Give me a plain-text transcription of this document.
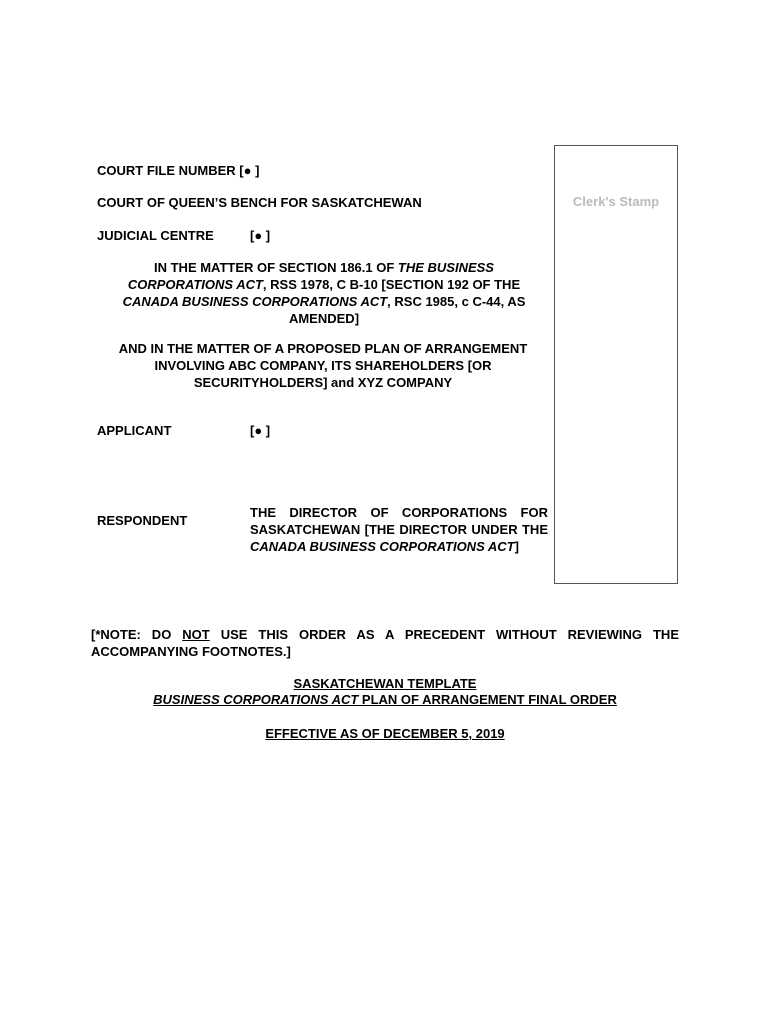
COURT FILE NUMBER [● ]
COURT OF QUEEN’S BENCH FOR SASKATCHEWAN
JUDICIAL CENTRE	[● ]
Clerk's Stamp
IN THE MATTER OF SECTION 186.1 OF THE BUSINESS CORPORATIONS ACT, RSS 1978, C B-10 [SECTION 192 OF THE CANADA BUSINESS CORPORATIONS ACT, RSC 1985, c C-44, AS AMENDED]
AND IN THE MATTER OF A PROPOSED PLAN OF ARRANGEMENT INVOLVING ABC COMPANY, ITS SHAREHOLDERS [OR SECURITYHOLDERS] and XYZ COMPANY
APPLICANT	[● ]
RESPONDENT
THE DIRECTOR OF CORPORATIONS FOR SASKATCHEWAN [THE DIRECTOR UNDER THE CANADA BUSINESS CORPORATIONS ACT]
[*NOTE: DO NOT USE THIS ORDER AS A PRECEDENT WITHOUT REVIEWING THE ACCOMPANYING FOOTNOTES.]
SASKATCHEWAN TEMPLATE
BUSINESS CORPORATIONS ACT PLAN OF ARRANGEMENT FINAL ORDER
EFFECTIVE AS OF DECEMBER 5, 2019
